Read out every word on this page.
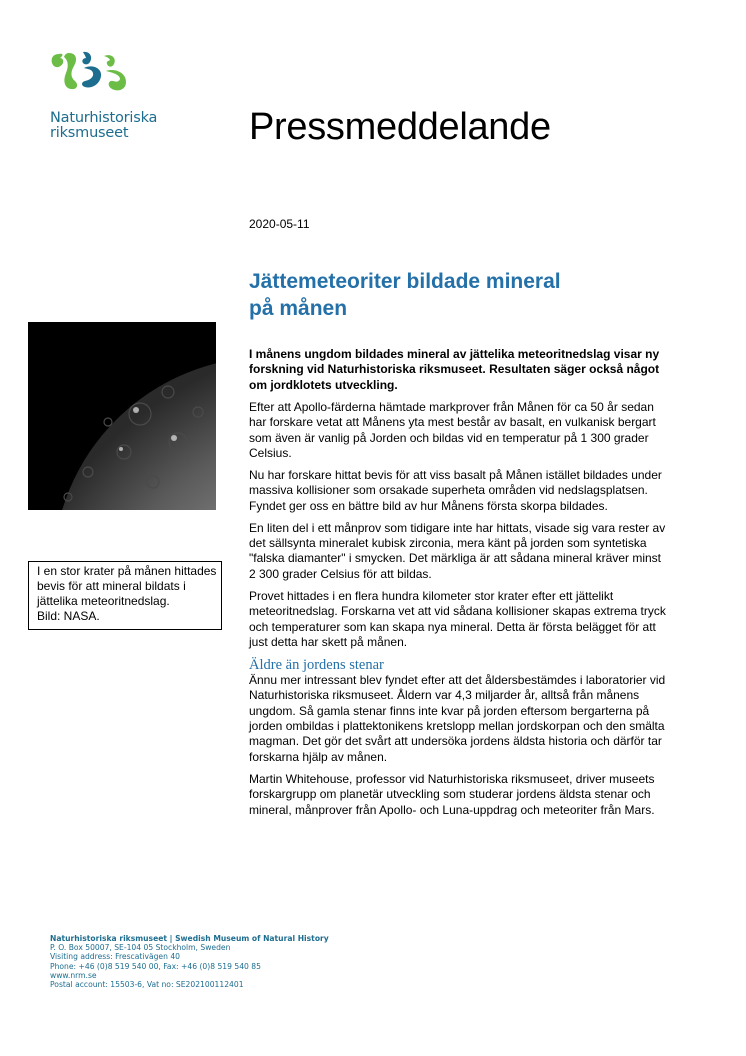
Naturhistoriska
riksmuseet	Pressmeddelande
2020-05-11
Jättemeteoriter bildade mineral på månen
I en stor krater på månen hittades bevis för att mineral bildats i jättelika meteoritnedslag.
Bild: NASA.

I månens ungdom bildades mineral av jättelika meteoritnedslag visar ny forskning vid Naturhistoriska riksmuseet. Resultaten säger också något om jordklotets utveckling.

Efter att Apollo-färderna hämtade markprover från Månen för ca 50 år sedan har forskare vetat att Månens yta mest består av basalt, en vulkanisk bergart som även är vanlig på Jorden och bildas vid en temperatur på 1 300 grader Celsius.

Nu har forskare hittat bevis för att viss basalt på Månen istället bildades under massiva kollisioner som orsakade superheta områden vid nedslagsplatsen. Fyndet ger oss en bättre bild av hur Månens första skorpa bildades.

En liten del i ett månprov som tidigare inte har hittats, visade sig vara rester av det sällsynta mineralet kubisk zirconia, mera känt på jorden som syntetiska "falska diamanter" i smycken. Det märkliga är att sådana mineral kräver minst 2 300 grader Celsius för att bildas.

Provet hittades i en flera hundra kilometer stor krater efter ett jättelikt meteoritnedslag. Forskarna vet att vid sådana kollisioner skapas extrema tryck och temperaturer som kan skapa nya mineral. Detta är första belägget för att just detta har skett på månen.

Äldre än jordens stenar

Ännu mer intressant blev fyndet efter att det åldersbestämdes i laboratorier vid Naturhistoriska riksmuseet. Åldern var 4,3 miljarder år, alltså från månens ungdom. Så gamla stenar finns inte kvar på jorden eftersom bergarterna på jorden ombildas i plattektonikens kretslopp mellan jordskorpan och den smälta magman. Det gör det svårt att undersöka jordens äldsta historia och därför tar forskarna hjälp av månen.

Martin Whitehouse, professor vid Naturhistoriska riksmuseet, driver museets forskargrupp om planetär utveckling som studerar jordens äldsta stenar och mineral, månprover från Apollo- och Luna-uppdrag och meteoriter från Mars.

Naturhistoriska riksmuseet | Swedish Museum of Natural History
P. O. Box 50007, SE-104 05 Stockholm, Sweden
Visiting address: Frescativägen 40
Phone: +46 (0)8 519 540 00, Fax: +46 (0)8 519 540 85
www.nrm.se
Postal account: 15503-6, Vat no: SE202100112401
